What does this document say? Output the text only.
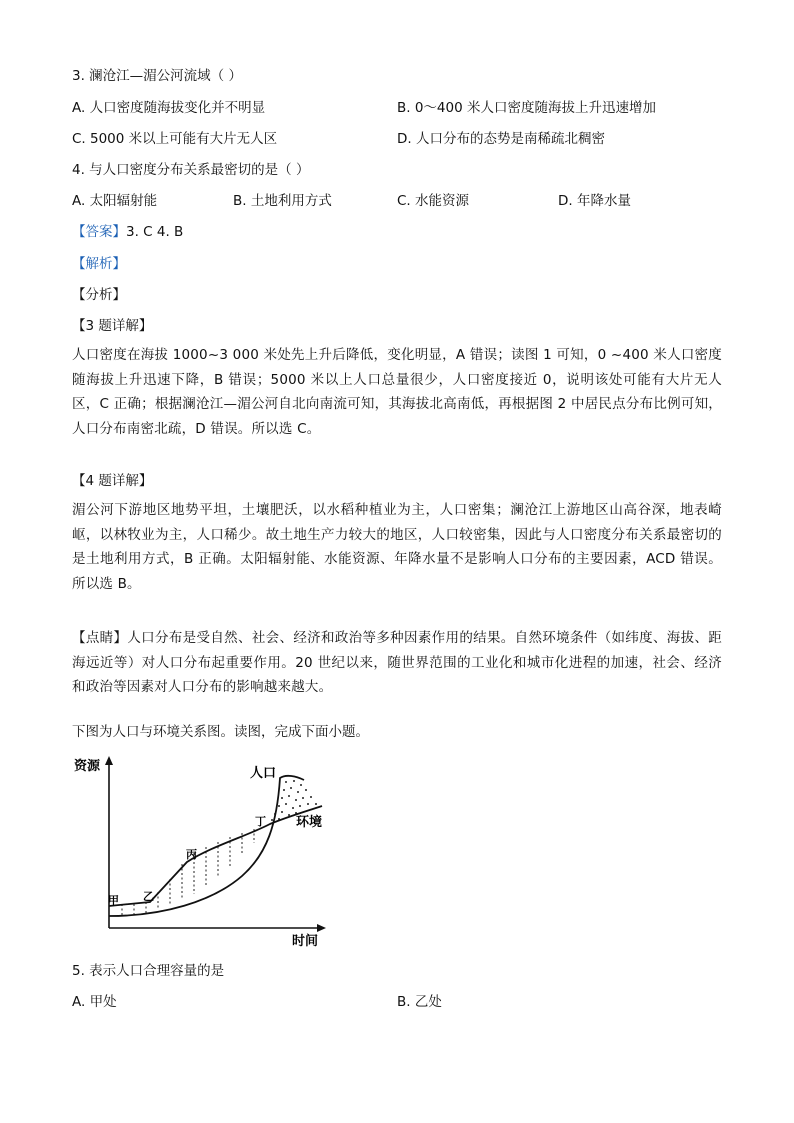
3. 澜沧江—湄公河流域（ ）
A. 人口密度随海拔变化并不明显	B. 0～400 米人口密度随海拔上升迅速增加
C. 5000 米以上可能有大片无人区	D. 人口分布的态势是南稀疏北稠密
4. 与人口密度分布关系最密切的是（ ）
A. 太阳辐射能	B. 土地利用方式	C. 水能资源	D. 年降水量
【答案】3. C 4. B
【解析】
【分析】
【3 题详解】
人口密度在海拔 1000~3 000 米处先上升后降低，变化明显，A 错误；读图 1 可知，0 ~400 米人口密度随海拔上升迅速下降，B 错误；5000 米以上人口总量很少，人口密度接近 0，说明该处可能有大片无人区，C 正确；根据澜沧江—湄公河自北向南流可知，其海拔北高南低，再根据图 2 中居民点分布比例可知，人口分布南密北疏，D 错误。所以选 C。
【4 题详解】
湄公河下游地区地势平坦，土壤肥沃，以水稻种植业为主，人口密集；澜沧江上游地区山高谷深，地表崎岖，以林牧业为主，人口稀少。故土地生产力较大的地区，人口较密集，因此与人口密度分布关系最密切的是土地利用方式，B 正确。太阳辐射能、水能资源、年降水量不是影响人口分布的主要因素，ACD 错误。所以选 B。
【点睛】人口分布是受自然、社会、经济和政治等多种因素作用的结果。自然环境条件（如纬度、海拔、距海远近等）对人口分布起重要作用。20 世纪以来，随世界范围的工业化和城市化进程的加速，社会、经济和政治等因素对人口分布的影响越来越大。
下图为人口与环境关系图。读图，完成下面小题。
资源
时间
人口
环境
甲 乙
丙
丁
5. 表示人口合理容量的是
A. 甲处	B. 乙处
